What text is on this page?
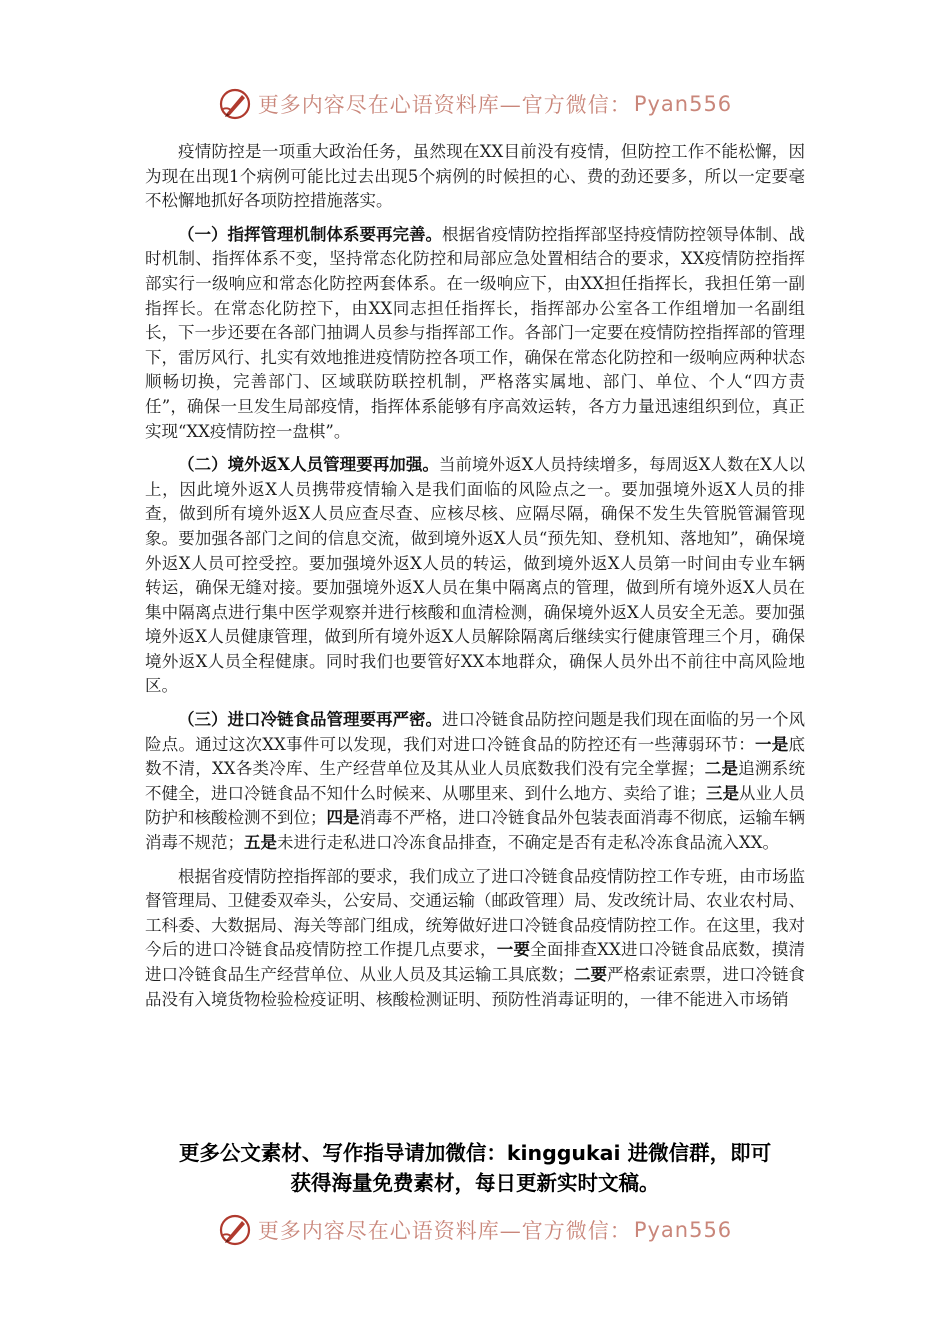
更多内容尽在心语资料库—官方微信： Pyan556

疫情防控是一项重大政治任务，虽然现在XX目前没有疫情，但防控工作不能松懈，因为现在出现1个病例可能比过去出现5个病例的时候担的心、费的劲还要多，所以一定要毫不松懈地抓好各项防控措施落实。

（一）指挥管理机制体系要再完善。根据省疫情防控指挥部坚持疫情防控领导体制、战时机制、指挥体系不变，坚持常态化防控和局部应急处置相结合的要求，XX疫情防控指挥部实行一级响应和常态化防控两套体系。在一级响应下，由XX担任指挥长，我担任第一副指挥长。在常态化防控下，由XX同志担任指挥长，指挥部办公室各工作组增加一名副组长，下一步还要在各部门抽调人员参与指挥部工作。各部门一定要在疫情防控指挥部的管理下，雷厉风行、扎实有效地推进疫情防控各项工作，确保在常态化防控和一级响应两种状态顺畅切换，完善部门、区域联防联控机制，严格落实属地、部门、单位、个人“四方责任”，确保一旦发生局部疫情，指挥体系能够有序高效运转，各方力量迅速组织到位，真正实现“XX疫情防控一盘棋”。

（二）境外返X人员管理要再加强。当前境外返X人员持续增多，每周返X人数在X人以上，因此境外返X人员携带疫情输入是我们面临的风险点之一。要加强境外返X人员的排查，做到所有境外返X人员应查尽查、应核尽核、应隔尽隔，确保不发生失管脱管漏管现象。要加强各部门之间的信息交流，做到境外返X人员“预先知、登机知、落地知”，确保境外返X人员可控受控。要加强境外返X人员的转运，做到境外返X人员第一时间由专业车辆转运，确保无缝对接。要加强境外返X人员在集中隔离点的管理，做到所有境外返X人员在集中隔离点进行集中医学观察并进行核酸和血清检测，确保境外返X人员安全无恙。要加强境外返X人员健康管理，做到所有境外返X人员解除隔离后继续实行健康管理三个月，确保境外返X人员全程健康。同时我们也要管好XX本地群众，确保人员外出不前往中高风险地区。

（三）进口冷链食品管理要再严密。进口冷链食品防控问题是我们现在面临的另一个风险点。通过这次XX事件可以发现，我们对进口冷链食品的防控还有一些薄弱环节：一是底数不清，XX各类冷库、生产经营单位及其从业人员底数我们没有完全掌握；二是追溯系统不健全，进口冷链食品不知什么时候来、从哪里来、到什么地方、卖给了谁；三是从业人员防护和核酸检测不到位；四是消毒不严格，进口冷链食品外包装表面消毒不彻底，运输车辆消毒不规范；五是未进行走私进口冷冻食品排查，不确定是否有走私冷冻食品流入XX。

根据省疫情防控指挥部的要求，我们成立了进口冷链食品疫情防控工作专班，由市场监督管理局、卫健委双牵头，公安局、交通运输（邮政管理）局、发改统计局、农业农村局、工科委、大数据局、海关等部门组成，统筹做好进口冷链食品疫情防控工作。在这里，我对今后的进口冷链食品疫情防控工作提几点要求，一要全面排查XX进口冷链食品底数，摸清进口冷链食品生产经营单位、从业人员及其运输工具底数；二要严格索证索票，进口冷链食品没有入境货物检验检疫证明、核酸检测证明、预防性消毒证明的，一律不能进入市场销

更多公文素材、写作指导请加微信：kinggukai 进微信群，即可
获得海量免费素材，每日更新实时文稿。
更多内容尽在心语资料库—官方微信： Pyan556
